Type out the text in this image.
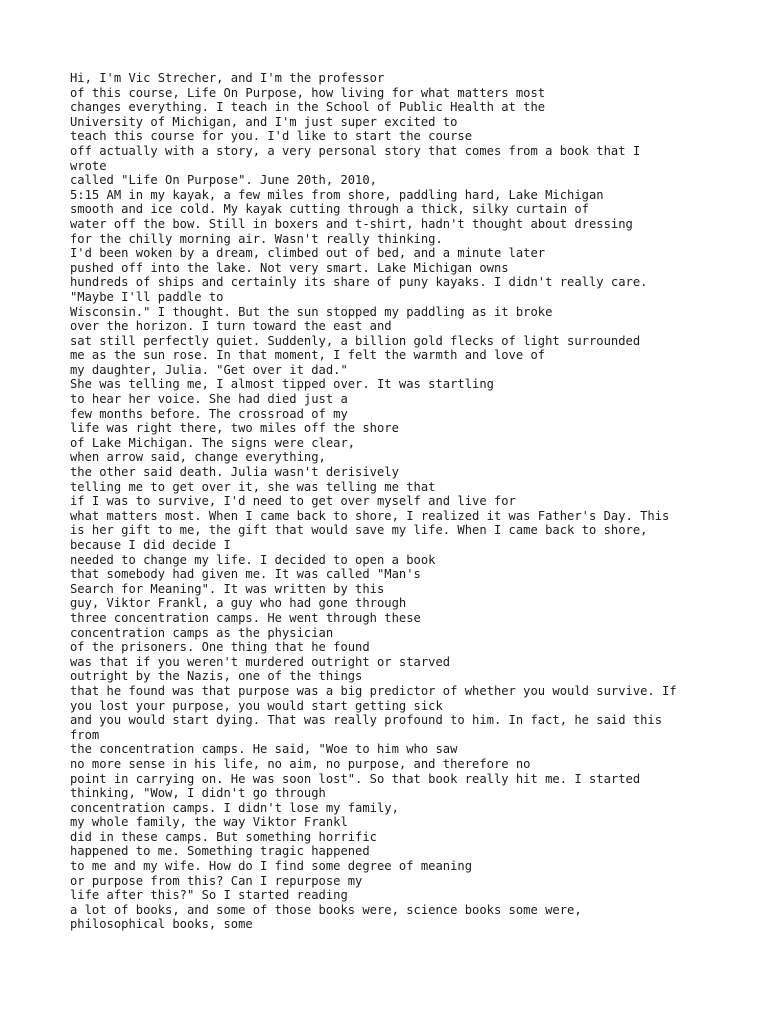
Hi, I'm Vic Strecher, and I'm the professor
of this course, Life On Purpose, how living for what matters most
changes everything. I teach in the School of Public Health at the
University of Michigan, and I'm just super excited to
teach this course for you. I'd like to start the course
off actually with a story, a very personal story that comes from a book that I
wrote
called "Life On Purpose". June 20th, 2010,
5:15 AM in my kayak, a few miles from shore, paddling hard, Lake Michigan
smooth and ice cold. My kayak cutting through a thick, silky curtain of
water off the bow. Still in boxers and t-shirt, hadn't thought about dressing
for the chilly morning air. Wasn't really thinking.
I'd been woken by a dream, climbed out of bed, and a minute later
pushed off into the lake. Not very smart. Lake Michigan owns
hundreds of ships and certainly its share of puny kayaks. I didn't really care.
"Maybe I'll paddle to
Wisconsin." I thought. But the sun stopped my paddling as it broke
over the horizon. I turn toward the east and
sat still perfectly quiet. Suddenly, a billion gold flecks of light surrounded
me as the sun rose. In that moment, I felt the warmth and love of
my daughter, Julia. "Get over it dad."
She was telling me, I almost tipped over. It was startling
to hear her voice. She had died just a
few months before. The crossroad of my
life was right there, two miles off the shore
of Lake Michigan. The signs were clear,
when arrow said, change everything,
the other said death. Julia wasn't derisively
telling me to get over it, she was telling me that
if I was to survive, I'd need to get over myself and live for
what matters most. When I came back to shore, I realized it was Father's Day. This
is her gift to me, the gift that would save my life. When I came back to shore,
because I did decide I
needed to change my life. I decided to open a book
that somebody had given me. It was called "Man's
Search for Meaning". It was written by this
guy, Viktor Frankl, a guy who had gone through
three concentration camps. He went through these
concentration camps as the physician
of the prisoners. One thing that he found
was that if you weren't murdered outright or starved
outright by the Nazis, one of the things
that he found was that purpose was a big predictor of whether you would survive. If
you lost your purpose, you would start getting sick
and you would start dying. That was really profound to him. In fact, he said this
from
the concentration camps. He said, "Woe to him who saw
no more sense in his life, no aim, no purpose, and therefore no
point in carrying on. He was soon lost". So that book really hit me. I started
thinking, "Wow, I didn't go through
concentration camps. I didn't lose my family,
my whole family, the way Viktor Frankl
did in these camps. But something horrific
happened to me. Something tragic happened
to me and my wife. How do I find some degree of meaning
or purpose from this? Can I repurpose my
life after this?" So I started reading
a lot of books, and some of those books were, science books some were,
philosophical books, some
